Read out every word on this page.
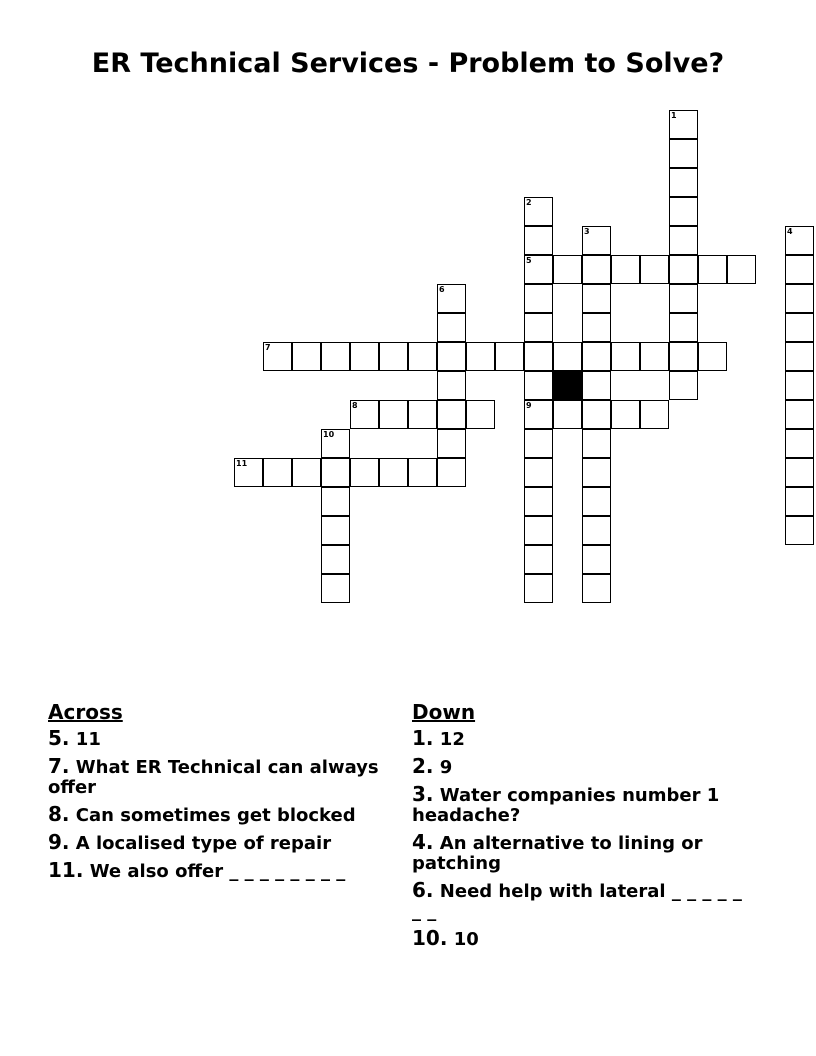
ER Technical Services - Problem to Solve?
5
7
8	9
11
1
2
3	4
6
10
Across
5. 11
7. What ER Technical can always offer
8. Can sometimes get blocked
9. A localised type of repair
11. We also offer _ _ _ _ _ _ _ _
Down
1. 12
2. 9
3. Water companies number 1 headache?
4. An alternative to lining or patching
6. Need help with lateral _ _ _ _ _ _ _
10. 10
